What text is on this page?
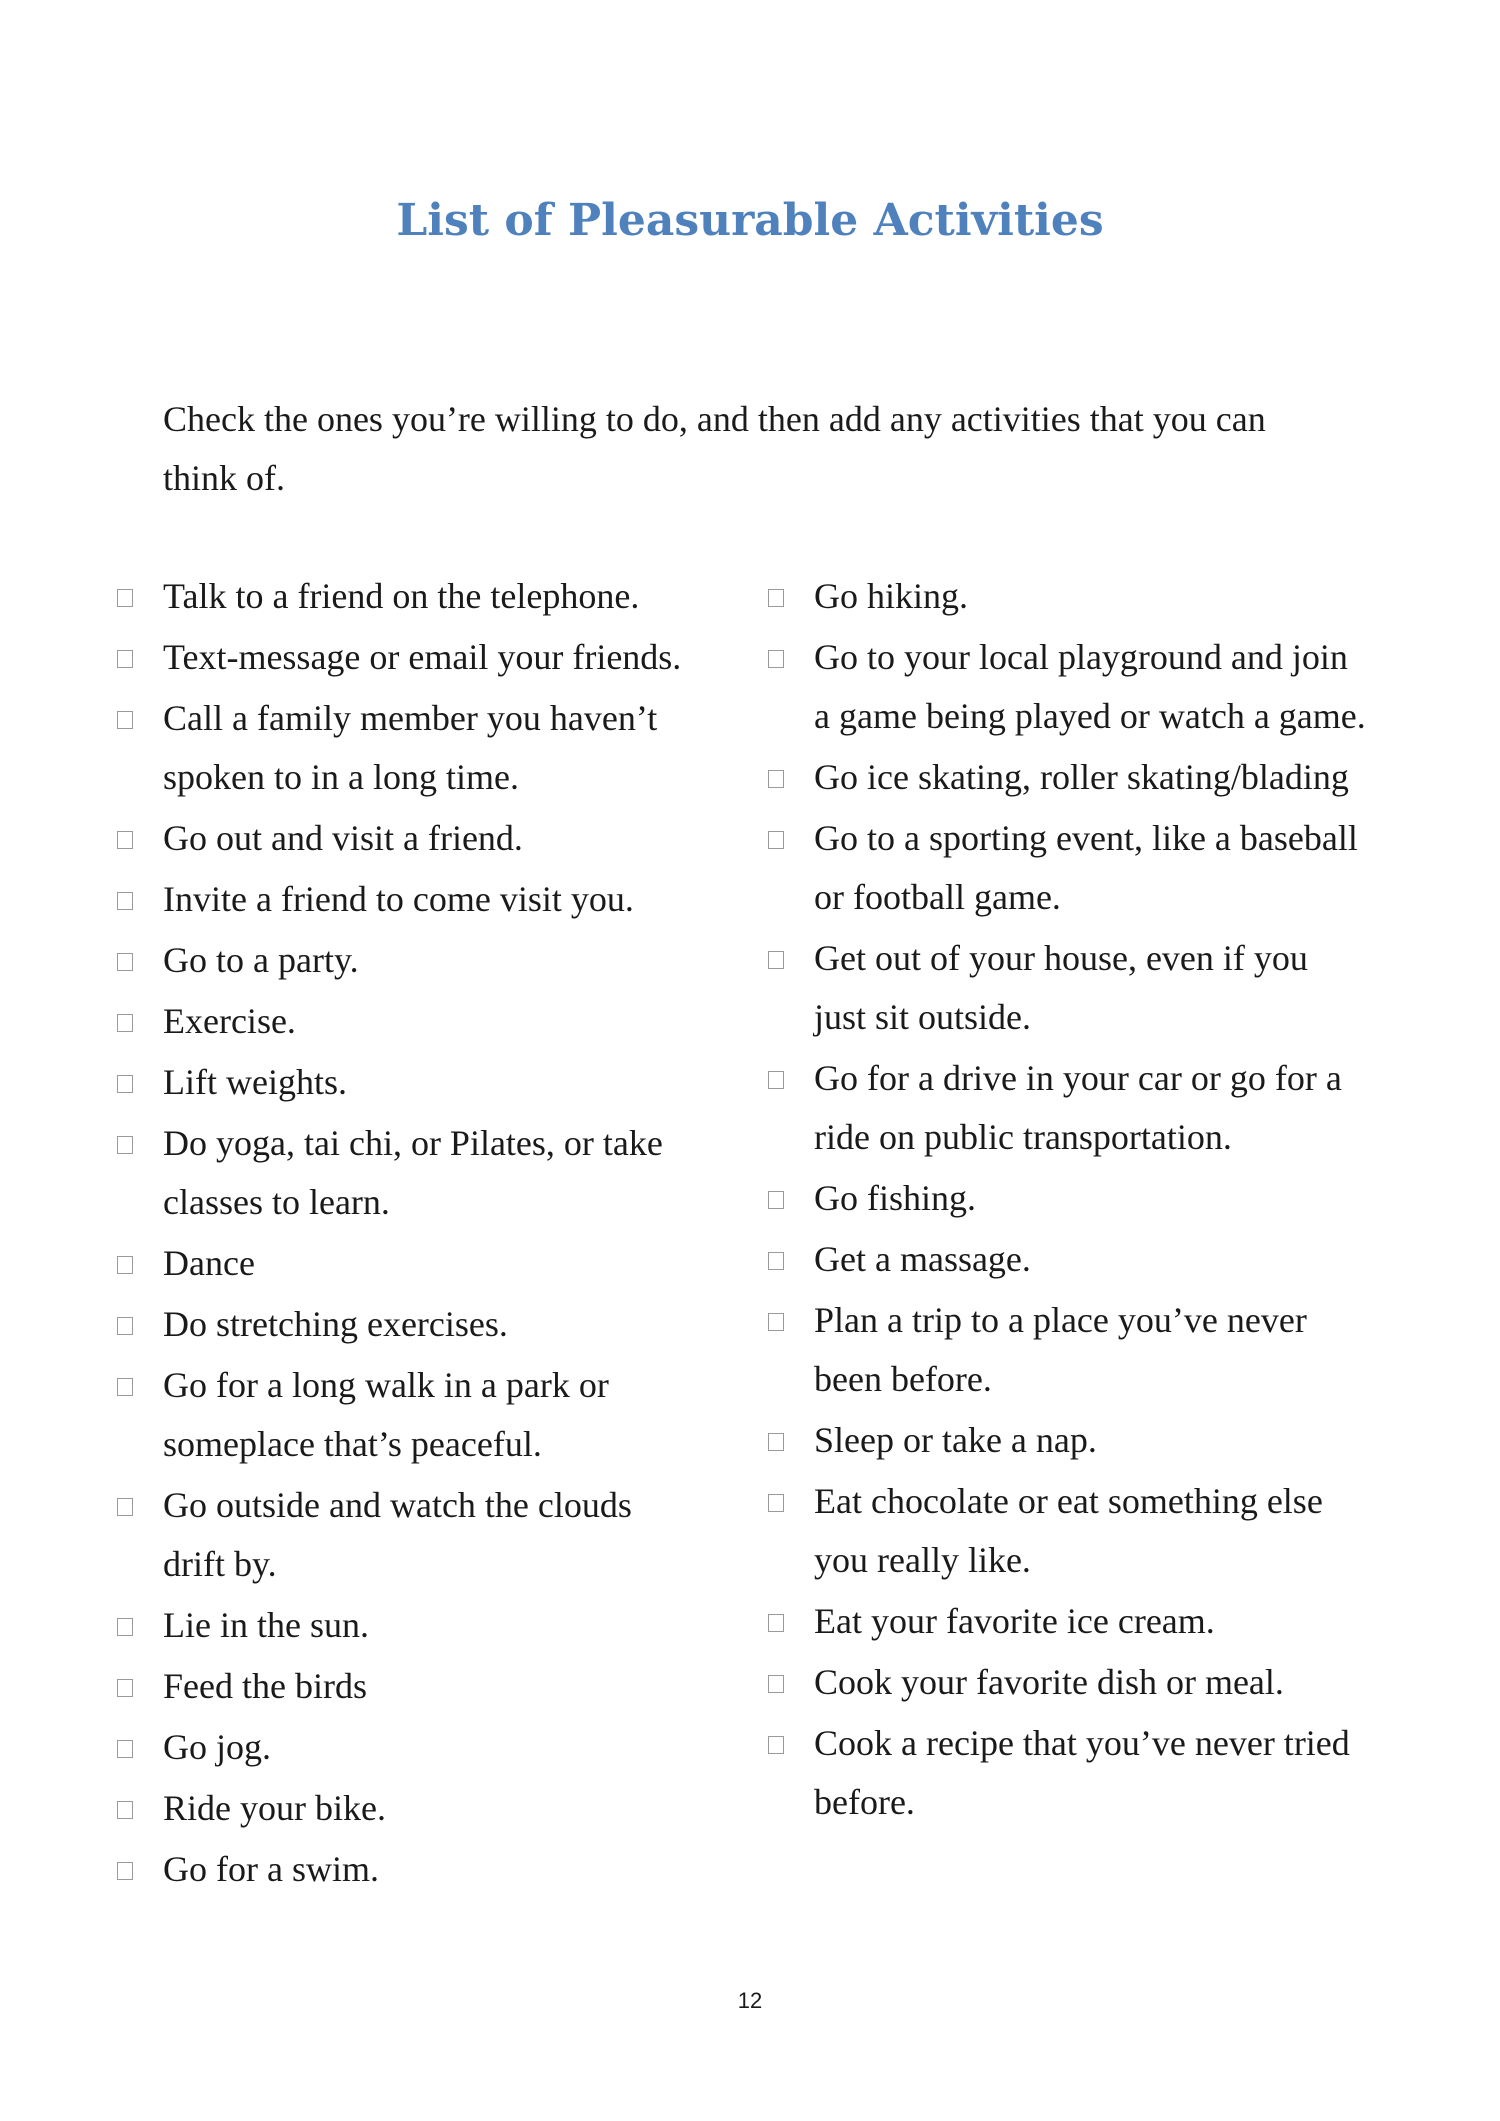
List of Pleasurable Activities

Check the ones you’re willing to do, and then add any activities that you can think of.

Talk to a friend on the telephone.
Text-message or email your friends.
Call a family member you haven’t spoken to in a long time.
Go out and visit a friend.
Invite a friend to come visit you.
Go to a party.
Exercise.
Lift weights.
Do yoga, tai chi, or Pilates, or take classes to learn.
Dance
Do stretching exercises.
Go for a long walk in a park or someplace that’s peaceful.
Go outside and watch the clouds drift by.
Lie in the sun.
Feed the birds
Go jog.
Ride your bike.
Go for a swim.
Go hiking.
Go to your local playground and join a game being played or watch a game.
Go ice skating, roller skating/blading
Go to a sporting event, like a baseball or football game.
Get out of your house, even if you just sit outside.
Go for a drive in your car or go for a ride on public transportation.
Go fishing.
Get a massage.
Plan a trip to a place you’ve never been before.
Sleep or take a nap.
Eat chocolate or eat something else you really like.
Eat your favorite ice cream.
Cook your favorite dish or meal.
Cook a recipe that you’ve never tried before.
12
